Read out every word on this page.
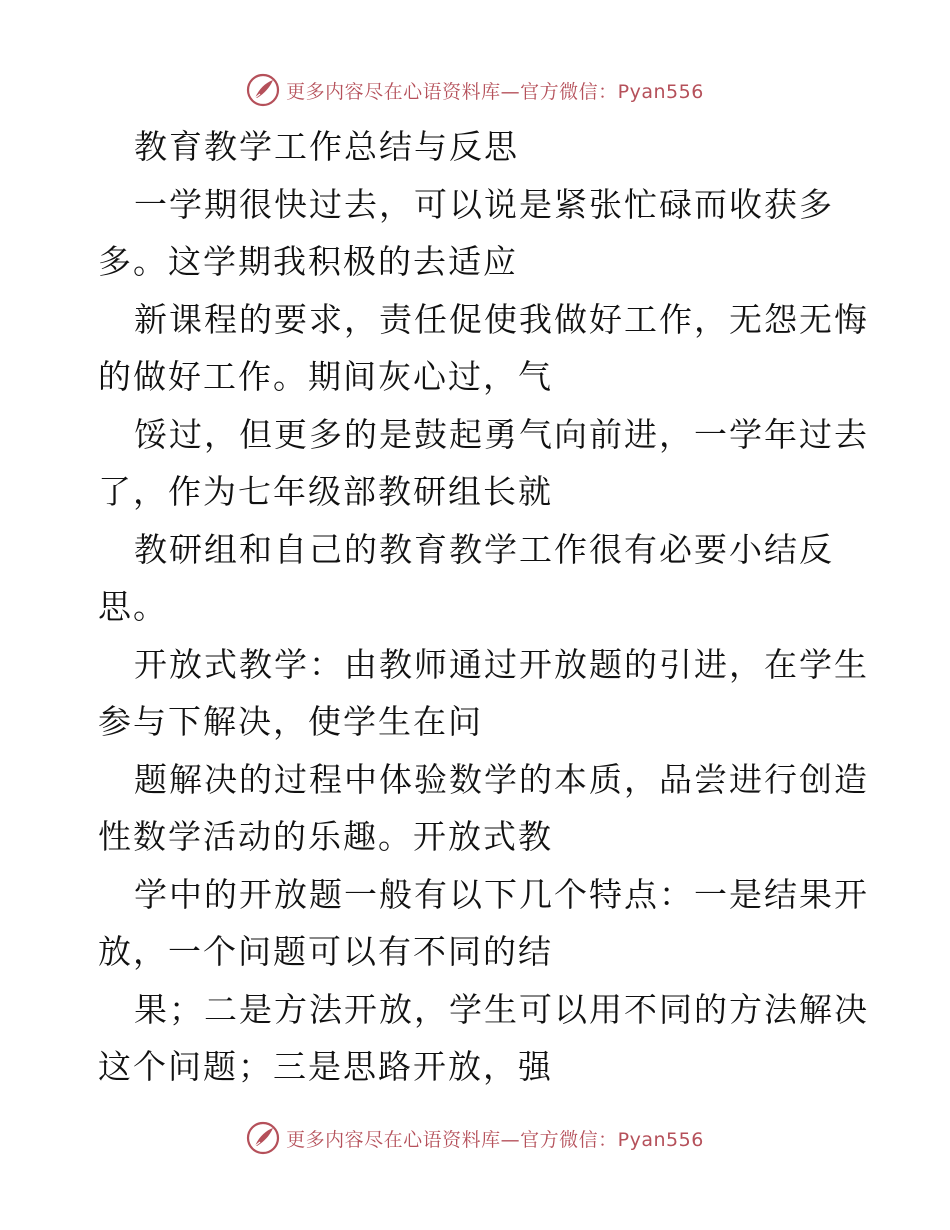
更多内容尽在心语资料库—官方微信：Pyan556
教育教学工作总结与反思
一学期很快过去，可以说是紧张忙碌而收获多
多。这学期我积极的去适应
新课程的要求，责任促使我做好工作，无怨无悔
的做好工作。期间灰心过，气
馁过，但更多的是鼓起勇气向前进，一学年过去
了，作为七年级部教研组长就
教研组和自己的教育教学工作很有必要小结反
思。
开放式教学：由教师通过开放题的引进，在学生
参与下解决，使学生在问
题解决的过程中体验数学的本质，品尝进行创造
性数学活动的乐趣。开放式教
学中的开放题一般有以下几个特点：一是结果开
放，一个问题可以有不同的结
果；二是方法开放，学生可以用不同的方法解决
这个问题；三是思路开放，强
更多内容尽在心语资料库—官方微信：Pyan556
